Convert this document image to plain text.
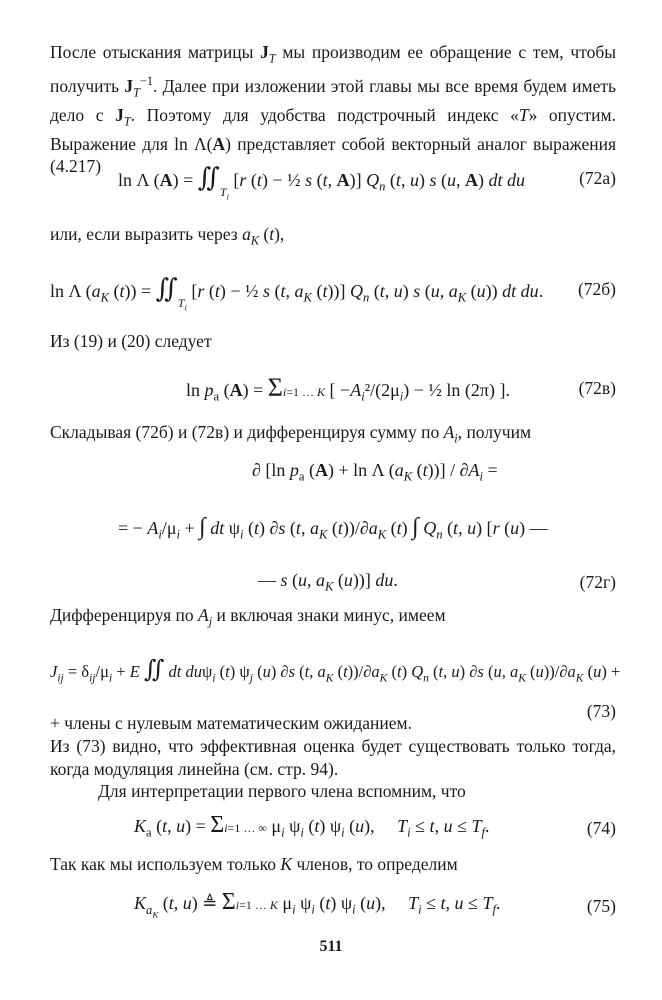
После отыскания матрицы $J_T$ мы производим ее обращение с тем, чтобы получить $J_T^{-1}$. Далее при изложении этой главы мы все время будем иметь дело с $J_T$. Поэтому для удобства подстрочный индекс «T» опустим. Выражение для ln Λ(A) представляет собой векторный аналог выражения (4.217)
ln Λ $(A) = ∬_{T_i}$ [r (t) − ½ s (t, A)] $Q_n$ (t, u) s (u, A) dt du	(72а)
или, если выразить через $a_K$ (t),
ln Λ ($a_K$ $(t)) = ∬_{T_i}$ [r (t) − ½ s (t, $a_K$ (t))] $Q_n$ (t, u) s (u, $a_K$ (u)) dt du. (72б)
Из (19) и (20) следует
$\ln p_a$ (A) = Σi=1 … K [ $-A_i^2/(2\mu_i)$ − ½ ln (2π) ].	(72в)
Складывая (72б) и (72в) и дифференцируя сумму по $A_i$, получим
∂ [ln $p_a$ (A) + ln Λ ($a_K$ $(t))] / \partial A_i$ =
= − $A_i/\mu_i$ + ∫ dt $\psi_i$ (t) ∂s (t, $a_K$ $(t))/\partial a_K$ (t) ∫ $Q_n$ (t, u) [r (u) —
— s (u, $a_K$ (u))] du.	(72г)
Дифференцируя по $A_j$ и включая знаки минус, имеем
$J_{ij} = \delta_{ij}/\mu_i + E$ ∬ dt duψ$_i$ (t) $\psi_j$ (u) ∂s (t, $a_K$ $(t))/\partial a_K$ (t) $Q_n$ (t, u) ∂s (u, $a_K$ $(u))/\partial a_K$ (u) +
+ члены с нулевым математическим ожиданием.
(73)
Из (73) видно, что эффективная оценка будет существовать только тогда, когда модуляция линейна (см. стр. 94).
Для интерпретации первого члена вспомним, что
$K_a$ (t, u) = Σi=1 … ∞ $\mu_i$ $\psi_i$ (t) $\psi_i$ (u),     $T_i \le t$, $u \le T_f$.	(74)
Так как мы используем только K членов, то определим
$K_{a_K}$ (t, u) ≜ Σi=1 … K $\mu_i$ $\psi_i$ (t) $\psi_i$ (u),     $T_i \le t$, $u \le T_f$.	(75)
511
